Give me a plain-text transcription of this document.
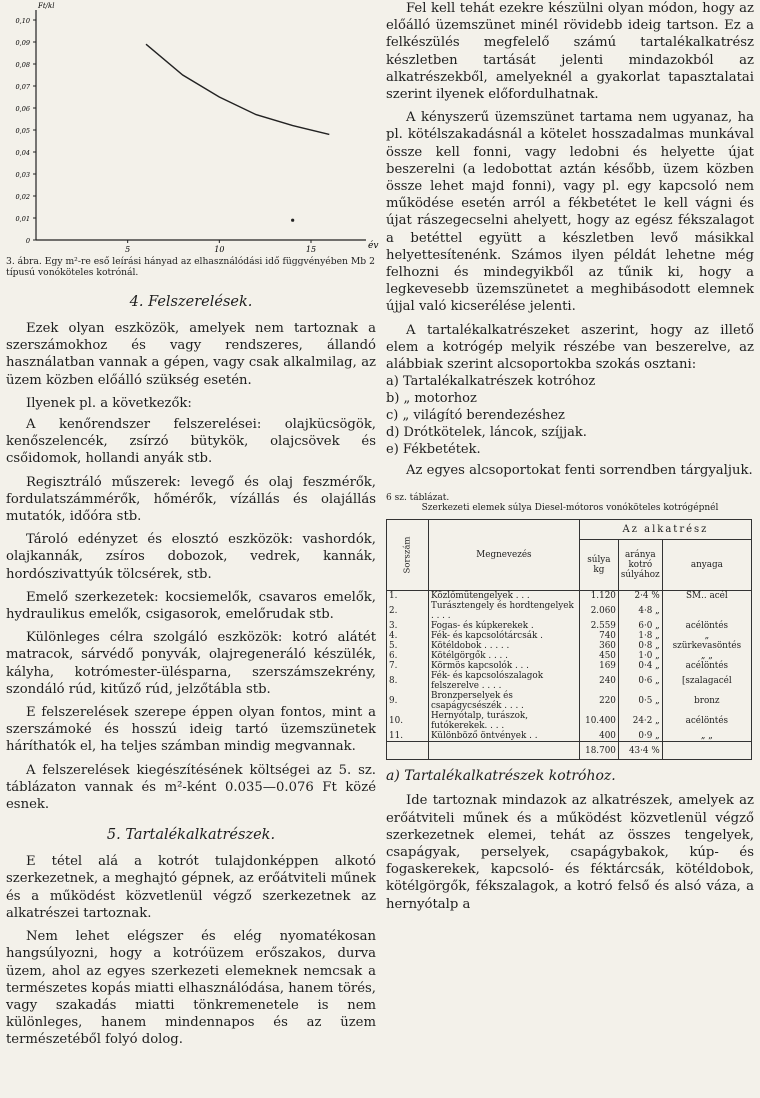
0,10
0,09
0,08
0,07
0,06
0,05
0,04
0,03
0,02
0,01
0
5	10	15
Ft/kl
év
3. ábra. Egy m²-re eső leírási hányad az elhasználódási idő függvényében Mb 2 típusú vonóköteles kotrónál.
4. Felszerelések.

Ezek olyan eszközök, amelyek nem tartoznak a szerszámokhoz és vagy rendszeres, állandó használatban vannak a gépen, vagy csak alkalmilag, az üzem közben előálló szükség esetén.

Ilyenek pl. a következők:

A kenőrendszer felszerelései: olajkücsögök, kenőszelencék, zsírzó bütykök, olajcsövek és csőidomok, hollandi anyák stb.

Regisztráló műszerek: levegő és olaj feszmérők, fordulatszámmérők, hőmérők, vízállás és olajállás mutatók, időóra stb.

Tároló edényzet és elosztó eszközök: vashordók, olajkannák, zsíros dobozok, vedrek, kannák, hordószivattyúk tölcsérek, stb.

Emelő szerkezetek: kocsiemelők, csavaros emelők, hydraulikus emelők, csigasorok, emelőrudak stb.

Különleges célra szolgáló eszközök: kotró alátét matracok, sárvédő ponyvák, olajregeneráló készülék, kályha, kotrómester-ülésparna, szerszámszekrény, szondáló rúd, kitűző rúd, jelzőtábla stb.

E felszerelések szerepe éppen olyan fontos, mint a szerszámoké és hosszú ideig tartó üzemszünetek háríthatók el, ha teljes számban mindig megvannak.

A felszerelések kiegészítésének költségei az 5. sz. táblázaton vannak és m²-ként 0.035—0.076 Ft közé esnek.

5. Tartalékalkatrészek.

E tétel alá a kotrót tulajdonképpen alkotó szerkezetnek, a meghajtó gépnek, az erőátviteli műnek és a működést közvetlenül végző szerkezetnek az alkatrészei tartoznak.

Nem lehet elégszer és elég nyomatékosan hangsúlyozni, hogy a kotróüzem erőszakos, durva üzem, ahol az egyes szerkezeti elemeknek nemcsak a természetes kopás miatti elhasználódása, hanem törés, vagy szakadás miatti tönkremenetele is nem különleges, hanem mindennapos és az üzem természetéből folyó dolog.

Fel kell tehát ezekre készülni olyan módon, hogy az előálló üzemszünet minél rövidebb ideig tartson. Ez a felkészülés megfelelő számú tartalékalkatrész készletben tartását jelenti mindazokból az alkatrészekből, amelyeknél a gyakorlat tapasztalatai szerint ilyenek előfordulhatnak.

A kényszerű üzemszünet tartama nem ugyanaz, ha pl. kötélszakadásnál a kötelet hosszadalmas munkával össze kell fonni, vagy ledobni és helyette újat beszerelni (a ledobottat aztán később, üzem közben össze lehet majd fonni), vagy pl. egy kapcsoló nem működése esetén arról a fékbetétet le kell vágni és újat rászegecselni ahelyett, hogy az egész fékszalagot a betéttel együtt a készletben levő másikkal helyettesítenénk. Számos ilyen példát lehetne még felhozni és mindegyikből az tűnik ki, hogy a legkevesebb üzemszünetet a meghibásodott elemnek újjal való kicserélése jelenti.

A tartalékalkatrészeket aszerint, hogy az illető elem a kotrógép melyik részébe van beszerelve, az alábbiak szerint alcsoportokba szokás osztani:

a) Tartalékalkatrészek kotróhoz
b) „ motorhoz
c) „ világító berendezéshez
d) Drótkötelek, láncok, szíjjak.
e) Fékbetétek.

Az egyes alcsoportokat fenti sorrendben tárgyaljuk.

6 sz. táblázat.
Szerkezeti elemek súlya Diesel-mótoros vonóköteles kotrógépnél
Sorszám	Megnevezés	Az alkatrész		
		súlya kg	aránya kotró súlyához	anyaga
1.	Közlőműtengelyek . . .	1.120	2·4 %	SM.. acél
2.	Turásztengely és hordtengelyek . . . .	2.060	4·8 „	
3.	Fogas- és kúpkerekek .	2.559	6·0 „	acélöntés
4.	Fék- és kapcsolótárcsák .	740	1·8 „	„
5.	Kötéldobok . . . . .	360	0·8 „	szürkevasöntés
6.	Kötélgörgők . . . .	450	1·0 „	„ „
7.	Körmös kapcsolók . . .	169	0·4 „	acélöntés
8.	Fék- és kapcsolószalagok felszerelve . . . .	240	0·6 „	[szalagacél
9.	Bronzperselyek és csapágycsészék . . . .	220	0·5 „	bronz
10.	Hernyótalp, turászok, futókerekek. . . .	10.400	24·2 „	acélöntés
11.	Különböző öntvények . .	400	0·9 „	„ „
		18.700	43·4 %	
a) Tartalékalkatrészek kotróhoz.

Ide tartoznak mindazok az alkatrészek, amelyek az erőátviteli műnek és a működést közvetlenül végző szerkezetnek elemei, tehát az összes tengelyek, csapágyak, perselyek, csapágybakok, kúp- és fogaskerekek, kapcsoló- és féktárcsák, kötéldobok, kötélgörgők, fékszalagok, a kotró felső és alsó váza, a hernyótalp a
